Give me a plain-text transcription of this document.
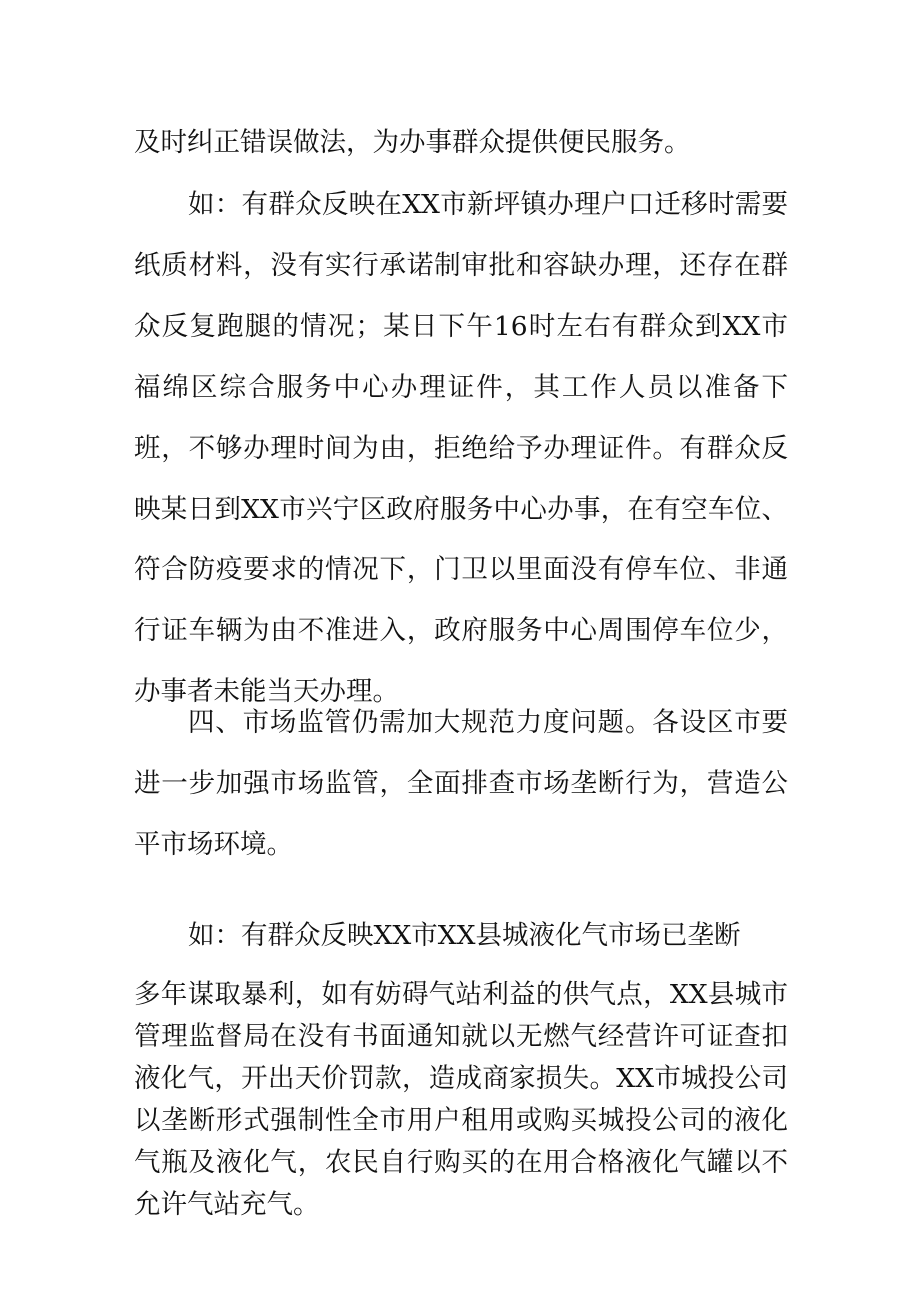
及时纠正错误做法，为办事群众提供便民服务。

如：有群众反映在XX市新坪镇办理户口迁移时需要纸质材料，没有实行承诺制审批和容缺办理，还存在群众反复跑腿的情况；某日下午16时左右有群众到XX市福绵区综合服务中心办理证件，其工作人员以准备下班，不够办理时间为由，拒绝给予办理证件。有群众反映某日到XX市兴宁区政府服务中心办事，在有空车位、符合防疫要求的情况下，门卫以里面没有停车位、非通行证车辆为由不准进入，政府服务中心周围停车位少，办事者未能当天办理。

四、市场监管仍需加大规范力度问题。各设区市要进一步加强市场监管，全面排查市场垄断行为，营造公平市场环境。

如：有群众反映XX市XX县城液化气市场已垄断

多年谋取暴利，如有妨碍气站利益的供气点，XX县城市管理监督局在没有书面通知就以无燃气经营许可证查扣液化气，开出天价罚款，造成商家损失。XX市城投公司以垄断形式强制性全市用户租用或购买城投公司的液化气瓶及液化气，农民自行购买的在用合格液化气罐以不允许气站充气。
